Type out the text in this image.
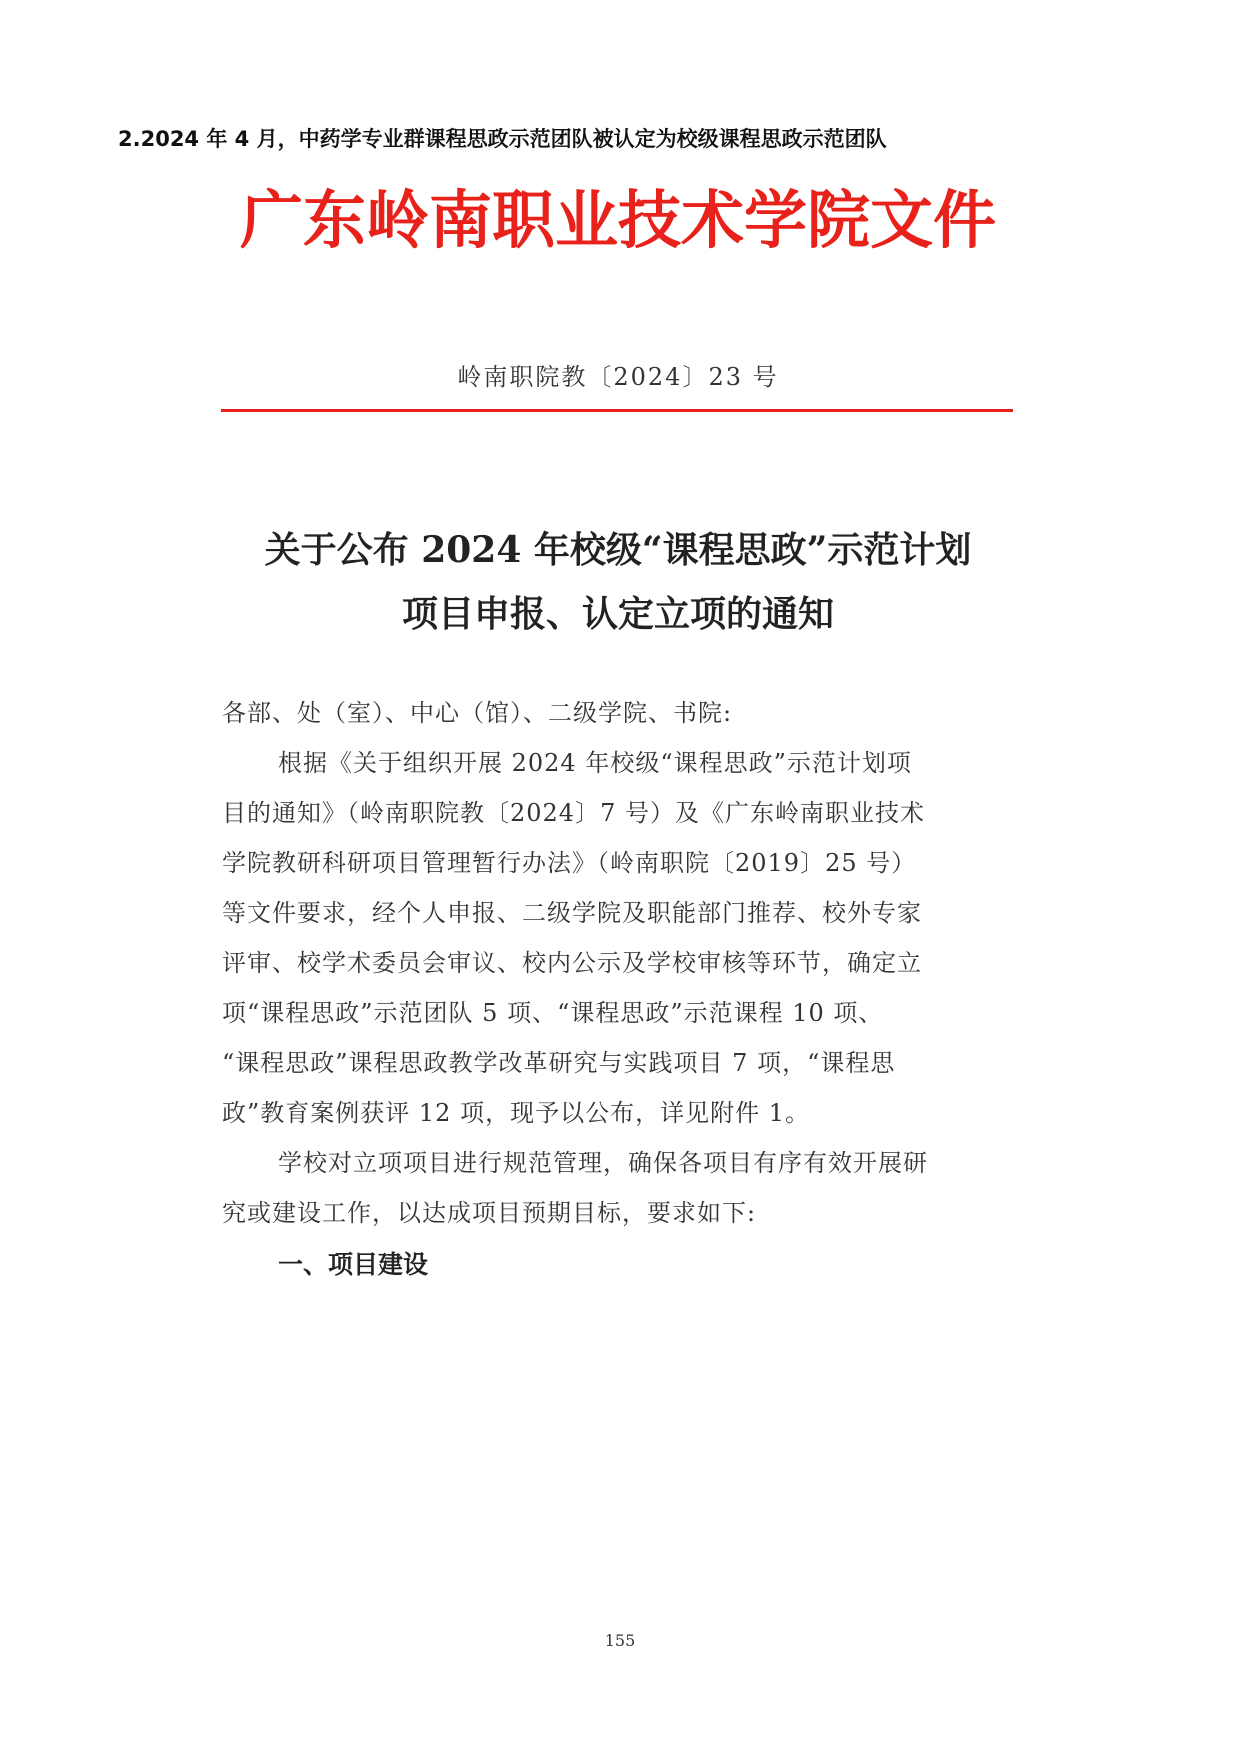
2.2024 年 4 月，中药学专业群课程思政示范团队被认定为校级课程思政示范团队
广东岭南职业技术学院文件
岭南职院教〔2024〕23 号
关于公布 2024 年校级“课程思政”示范计划
项目申报、认定立项的通知

各部、处（室）、中心（馆）、二级学院、书院:

根据《关于组织开展 2024 年校级“课程思政”示范计划项

目的通知》（岭南职院教〔2024〕7 号）及《广东岭南职业技术

学院教研科研项目管理暂行办法》（岭南职院〔2019〕25 号）

等文件要求，经个人申报、二级学院及职能部门推荐、校外专家

评审、校学术委员会审议、校内公示及学校审核等环节，确定立

项“课程思政”示范团队 5 项、“课程思政”示范课程 10 项、

“课程思政”课程思政教学改革研究与实践项目 7 项，“课程思

政”教育案例获评 12 项，现予以公布，详见附件 1。

学校对立项项目进行规范管理，确保各项目有序有效开展研

究或建设工作，以达成项目预期目标，要求如下:

一、项目建设
155
